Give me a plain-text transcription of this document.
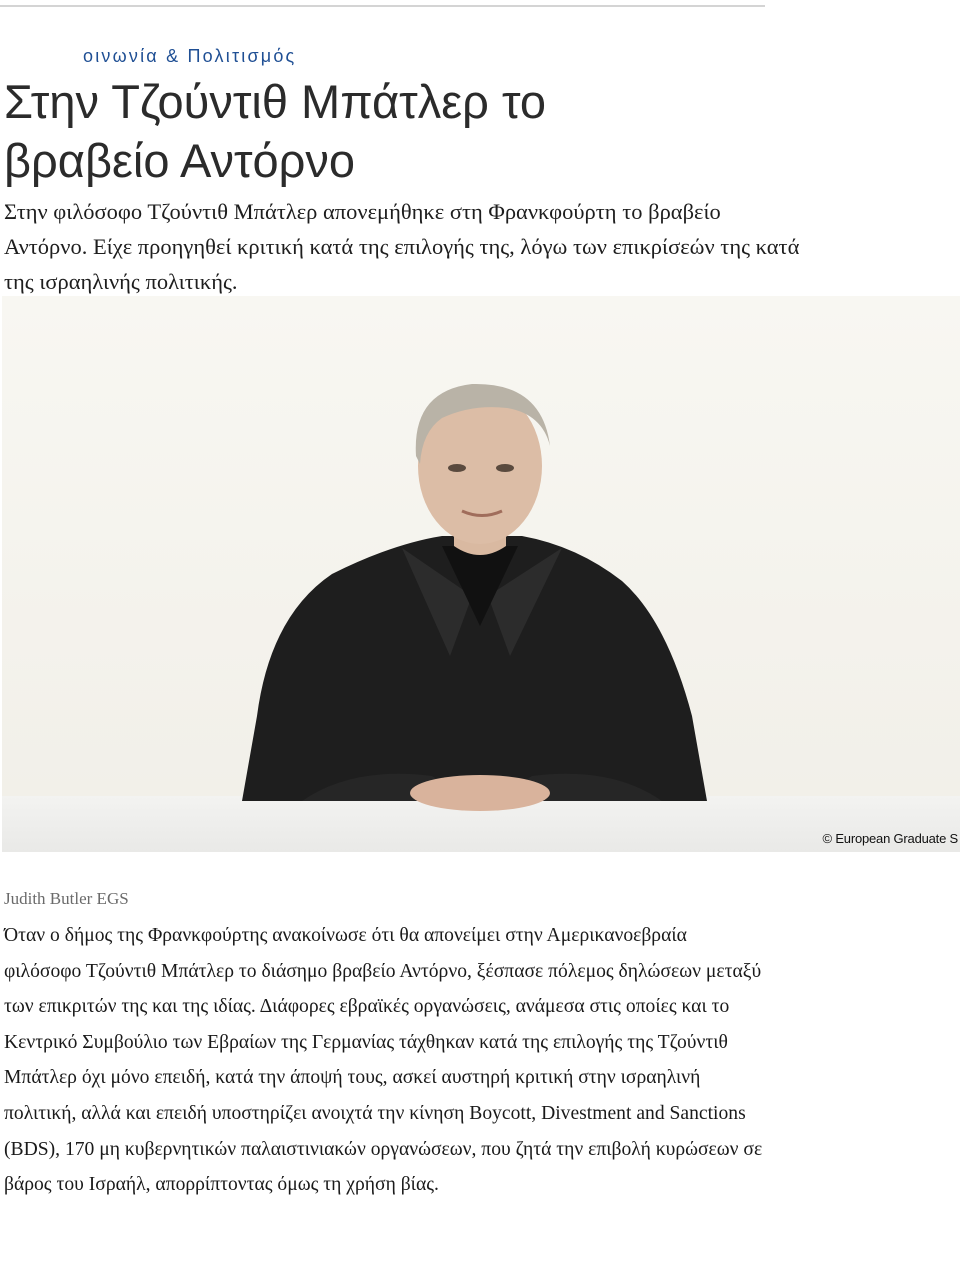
οινωνία & Πολιτισμός
Στην Τζούντιθ Μπάτλερ το βραβείο Αντόρνο

Στην φιλόσοφο Τζούντιθ Μπάτλερ απονεμήθηκε στη Φρανκφούρτη το βραβείο Αντόρνο. Είχε προηγηθεί κριτική κατά της επιλογής της, λόγω των επικρίσεών της κατά της ισραηλινής πολιτικής.

© European Graduate S
Judith Butler EGS

Όταν ο δήμος της Φρανκφούρτης ανακοίνωσε ότι θα απονείμει στην Αμερικανοεβραία φιλόσοφο Τζούντιθ Μπάτλερ το διάσημο βραβείο Αντόρνο, ξέσπασε πόλεμος δηλώσεων μεταξύ των επικριτών της και της ιδίας. Διάφορες εβραϊκές οργανώσεις, ανάμεσα στις οποίες και το Κεντρικό Συμβούλιο των Εβραίων της Γερμανίας τάχθηκαν κατά της επιλογής της Τζούντιθ Μπάτλερ όχι μόνο επειδή, κατά την άποψή τους, ασκεί αυστηρή κριτική στην ισραηλινή πολιτική, αλλά και επειδή υποστηρίζει ανοιχτά την κίνηση Boycott, Divestment and Sanctions (BDS), 170 μη κυβερνητικών παλαιστινιακών οργανώσεων, που ζητά την επιβολή κυρώσεων σε βάρος του Ισραήλ, απορρίπτοντας όμως τη χρήση βίας.
